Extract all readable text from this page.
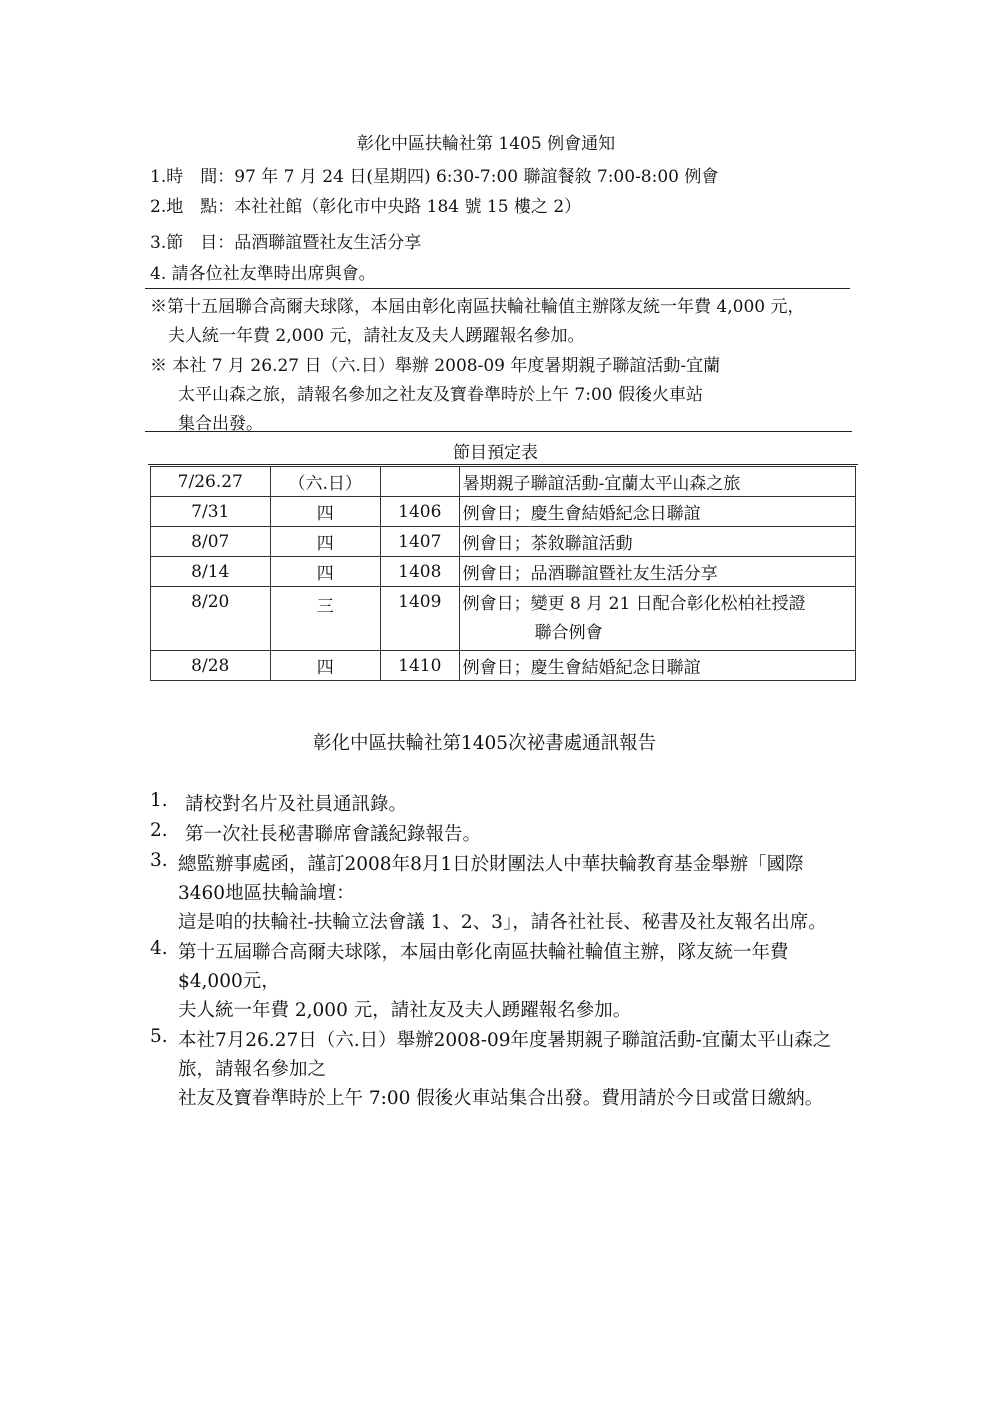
彰化中區扶輪社第 1405 例會通知
1.時　間：97 年 7 月 24 日(星期四) 6:30-7:00 聯誼餐敘 7:00-8:00 例會
2.地　點：本社社館（彰化市中央路 184 號 15 樓之 2）
3.節　目：品酒聯誼暨社友生活分享
4. 請各位社友準時出席與會。
※第十五屆聯合高爾夫球隊，本屆由彰化南區扶輪社輪值主辦隊友統一年費 4,000 元，
夫人統一年費 2,000 元，請社友及夫人踴躍報名參加。
※ 本社 7 月 26.27 日（六.日）舉辦 2008-09 年度暑期親子聯誼活動-宜蘭
太平山森之旅，請報名參加之社友及寶眷準時於上午 7:00 假後火車站
集合出發。
節目預定表
7/26.27	（六.日）		暑期親子聯誼活動-宜蘭太平山森之旅
7/31	四	1406	例會日；慶生會結婚紀念日聯誼
8/07	四	1407	例會日；茶敘聯誼活動
8/14	四	1408	例會日；品酒聯誼暨社友生活分享
8/20	三	1409	例會日；變更 8 月 21 日配合彰化松柏社授證
聯合例會
8/28	四	1410	例會日；慶生會結婚紀念日聯誼
彰化中區扶輪社第1405次祕書處通訊報告
1. 請校對名片及社員通訊錄。
2. 第一次社長秘書聯席會議紀錄報告。
3. 總監辦事處函，謹訂2008年8月1日於財團法人中華扶輪教育基金舉辦「國際
3460地區扶輪論壇：
這是咱的扶輪社-扶輪立法會議 1、2、3」，請各社社長、秘書及社友報名出席。
4. 第十五屆聯合高爾夫球隊，本屆由彰化南區扶輪社輪值主辦，隊友統一年費
$4,000元，
夫人統一年費 2,000 元，請社友及夫人踴躍報名參加。
5. 本社7月26.27日（六.日）舉辦2008-09年度暑期親子聯誼活動-宜蘭太平山森之
旅，請報名參加之
社友及寶眷準時於上午 7:00 假後火車站集合出發。費用請於今日或當日繳納。
